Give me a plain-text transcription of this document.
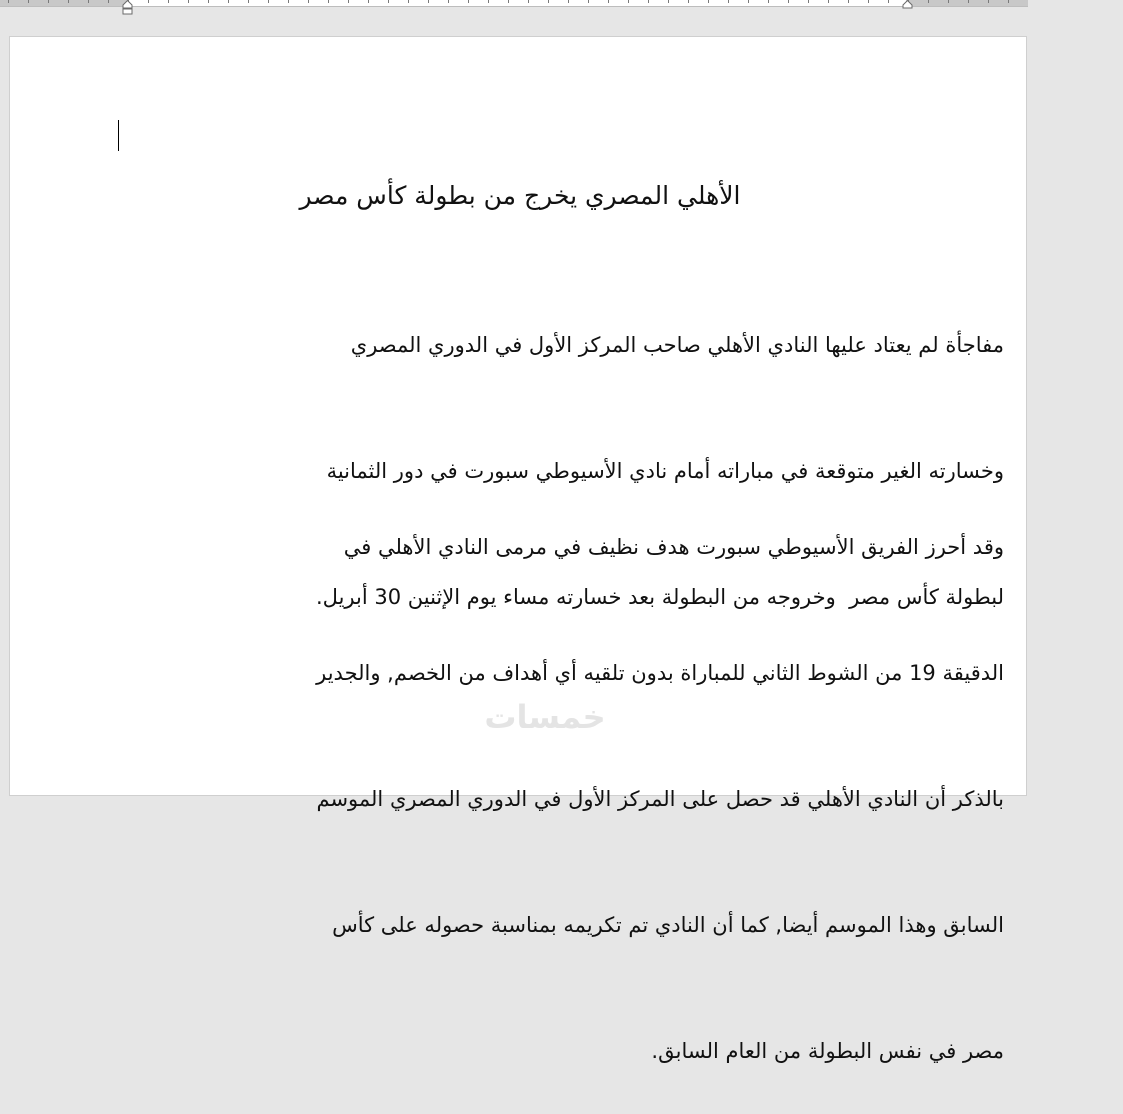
الأهلي المصري يخرج من بطولة كأس مصر

مفاجأة لم يعتاد عليها النادي الأهلي صاحب المركز الأول في الدوري المصري

وخسارته الغير متوقعة في مباراته أمام نادي الأسيوطي سبورت في دور الثمانية

لبطولة كأس مصر  وخروجه من البطولة بعد خسارته مساء يوم الإثنين 30 أبريل.

وقد أحرز الفريق الأسيوطي سبورت هدف نظيف في مرمى النادي الأهلي في

الدقيقة 19 من الشوط الثاني للمباراة بدون تلقيه أي أهداف من الخصم, والجدير

بالذكر أن النادي الأهلي قد حصل على المركز الأول في الدوري المصري الموسم

السابق وهذا الموسم أيضا, كما أن النادي تم تكريمه بمناسبة حصوله على كأس

مصر في نفس البطولة من العام السابق.

خمسات
